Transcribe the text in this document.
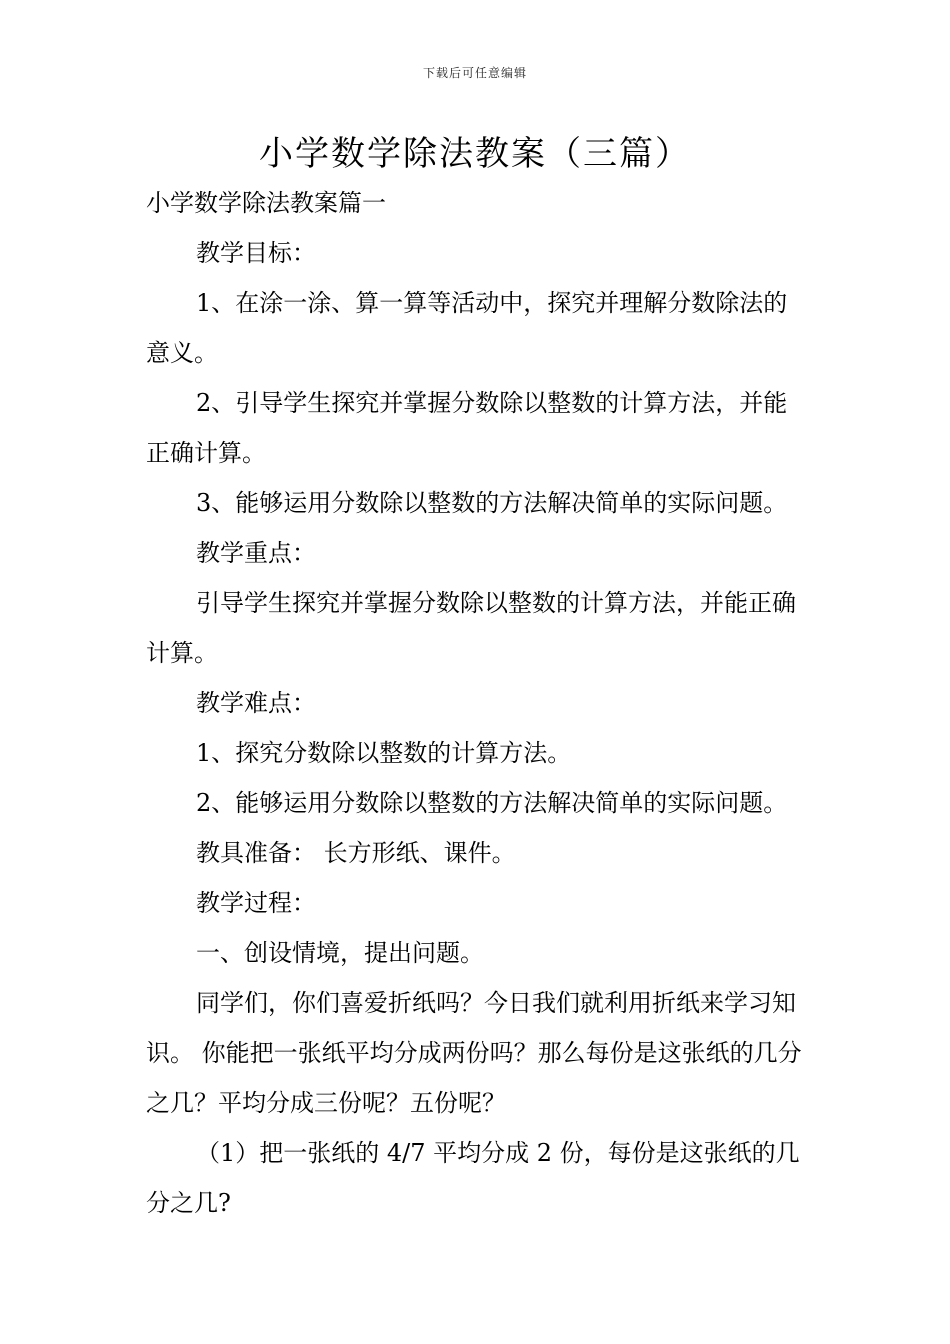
下载后可任意编辑
小学数学除法教案（三篇）

小学数学除法教案篇一

教学目标：

1、在涂一涂、算一算等活动中，探究并理解分数除法的意义。

2、引导学生探究并掌握分数除以整数的计算方法，并能正确计算。

3、能够运用分数除以整数的方法解决简单的实际问题。

教学重点：

引导学生探究并掌握分数除以整数的计算方法，并能正确计算。

教学难点：

1、探究分数除以整数的计算方法。

2、能够运用分数除以整数的方法解决简单的实际问题。

教具准备： 长方形纸、课件。

教学过程：

一、创设情境，提出问题。

同学们，你们喜爱折纸吗？今日我们就利用折纸来学习知识。 你能把一张纸平均分成两份吗？那么每份是这张纸的几分之几？平均分成三份呢？五份呢？

（1）把一张纸的 4/7 平均分成 2 份，每份是这张纸的几分之几?
